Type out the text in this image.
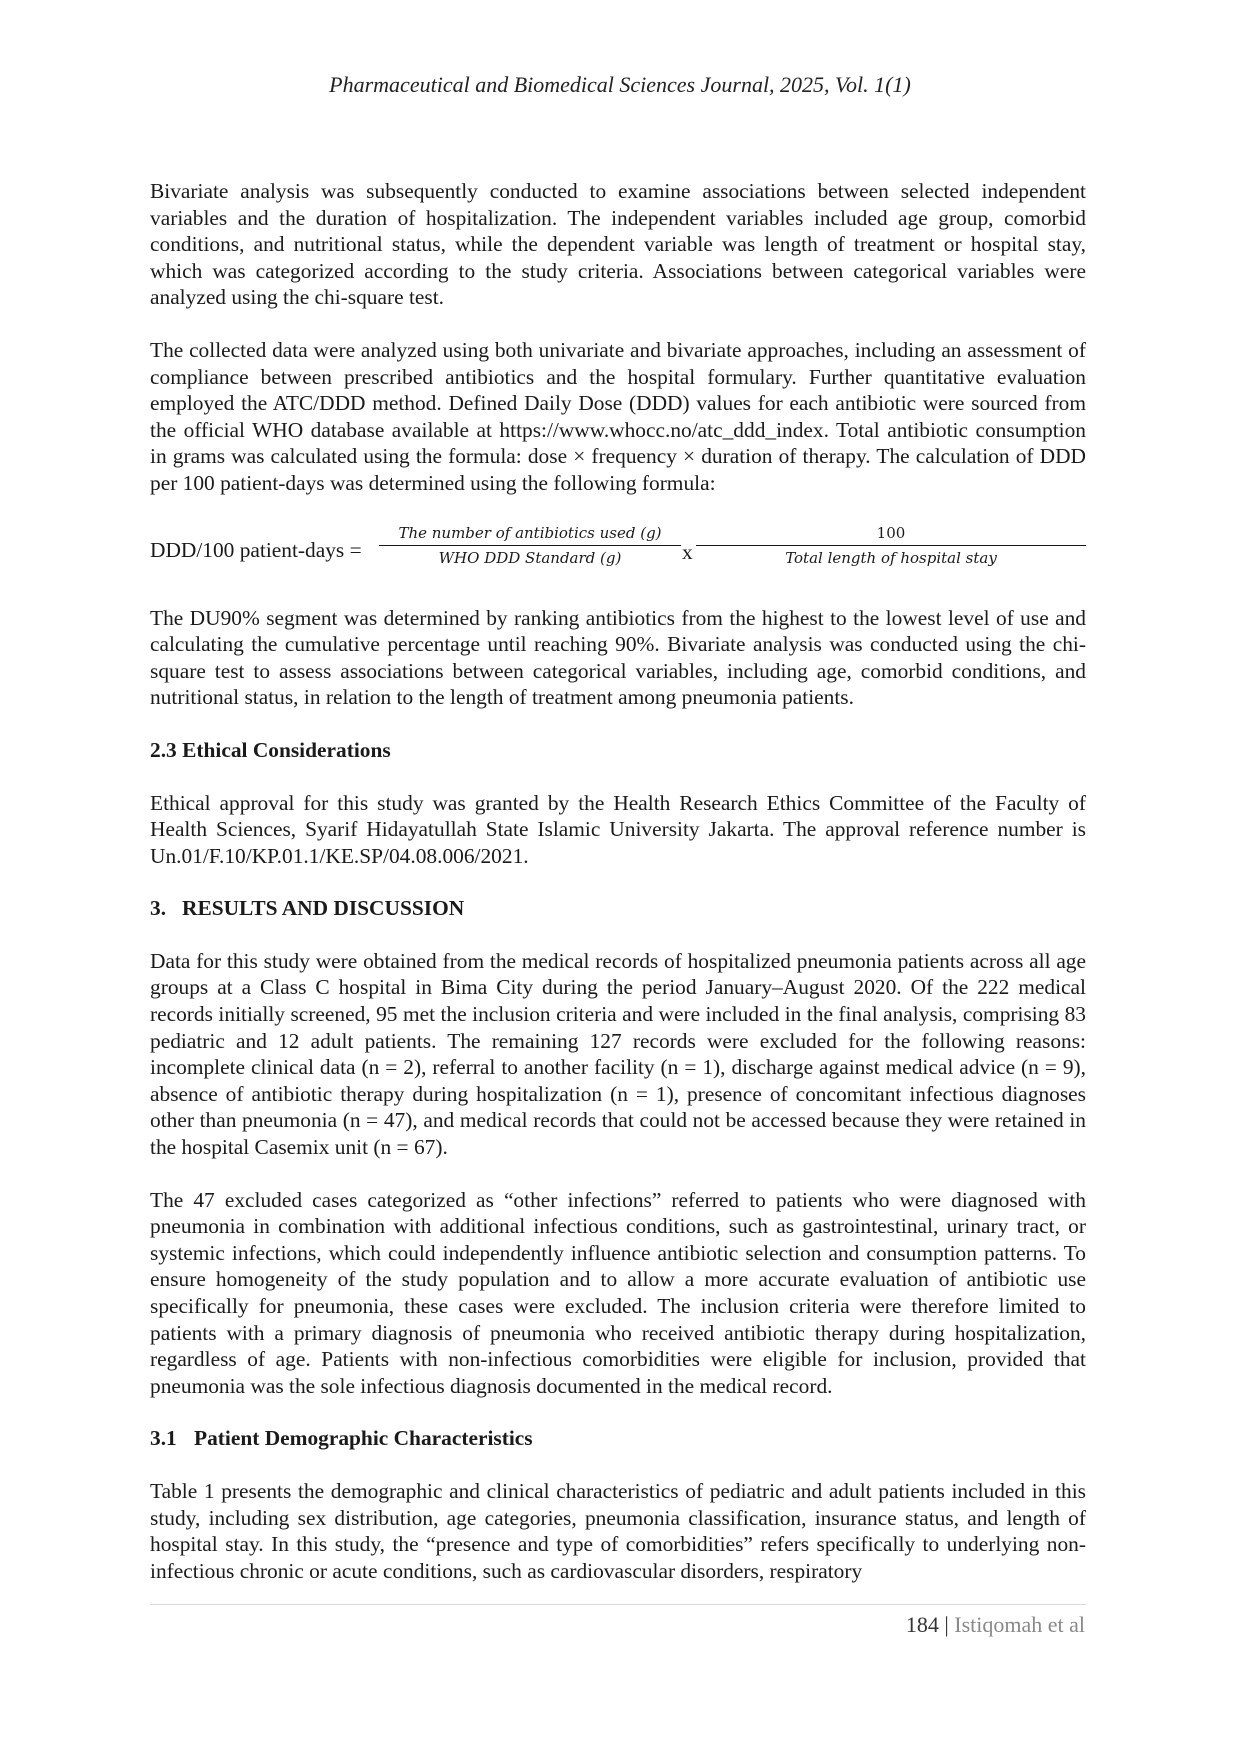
Pharmaceutical and Biomedical Sciences Journal, 2025, Vol. 1(1)

Bivariate analysis was subsequently conducted to examine associations between selected independent variables and the duration of hospitalization. The independent variables included age group, comorbid conditions, and nutritional status, while the dependent variable was length of treatment or hospital stay, which was categorized according to the study criteria. Associations between categorical variables were analyzed using the chi-square test.

The collected data were analyzed using both univariate and bivariate approaches, including an assessment of compliance between prescribed antibiotics and the hospital formulary. Further quantitative evaluation employed the ATC/DDD method. Defined Daily Dose (DDD) values for each antibiotic were sourced from the official WHO database available at https://www.whocc.no/atc_ddd_index. Total antibiotic consumption in grams was calculated using the formula: dose × frequency × duration of therapy. The calculation of DDD per 100 patient-days was determined using the following formula:

DDD/100 patient-days =
The number of antibiotics used (g)
WHO DDD Standard (g)	x
100
Total length of hospital stay

The DU90% segment was determined by ranking antibiotics from the highest to the lowest level of use and calculating the cumulative percentage until reaching 90%. Bivariate analysis was conducted using the chi-square test to assess associations between categorical variables, including age, comorbid conditions, and nutritional status, in relation to the length of treatment among pneumonia patients.

2.3 Ethical Considerations

Ethical approval for this study was granted by the Health Research Ethics Committee of the Faculty of Health Sciences, Syarif Hidayatullah State Islamic University Jakarta. The approval reference number is Un.01/F.10/KP.01.1/KE.SP/04.08.006/2021.

3. RESULTS AND DISCUSSION

Data for this study were obtained from the medical records of hospitalized pneumonia patients across all age groups at a Class C hospital in Bima City during the period January–August 2020. Of the 222 medical records initially screened, 95 met the inclusion criteria and were included in the final analysis, comprising 83 pediatric and 12 adult patients. The remaining 127 records were excluded for the following reasons: incomplete clinical data (n = 2), referral to another facility (n = 1), discharge against medical advice (n = 9), absence of antibiotic therapy during hospitalization (n = 1), presence of concomitant infectious diagnoses other than pneumonia (n = 47), and medical records that could not be accessed because they were retained in the hospital Casemix unit (n = 67).

The 47 excluded cases categorized as “other infections” referred to patients who were diagnosed with pneumonia in combination with additional infectious conditions, such as gastrointestinal, urinary tract, or systemic infections, which could independently influence antibiotic selection and consumption patterns. To ensure homogeneity of the study population and to allow a more accurate evaluation of antibiotic use specifically for pneumonia, these cases were excluded. The inclusion criteria were therefore limited to patients with a primary diagnosis of pneumonia who received antibiotic therapy during hospitalization, regardless of age. Patients with non-infectious comorbidities were eligible for inclusion, provided that pneumonia was the sole infectious diagnosis documented in the medical record.

3.1 Patient Demographic Characteristics

Table 1 presents the demographic and clinical characteristics of pediatric and adult patients included in this study, including sex distribution, age categories, pneumonia classification, insurance status, and length of hospital stay. In this study, the “presence and type of comorbidities” refers specifically to underlying non-infectious chronic or acute conditions, such as cardiovascular disorders, respiratory

184 | Istiqomah et al
